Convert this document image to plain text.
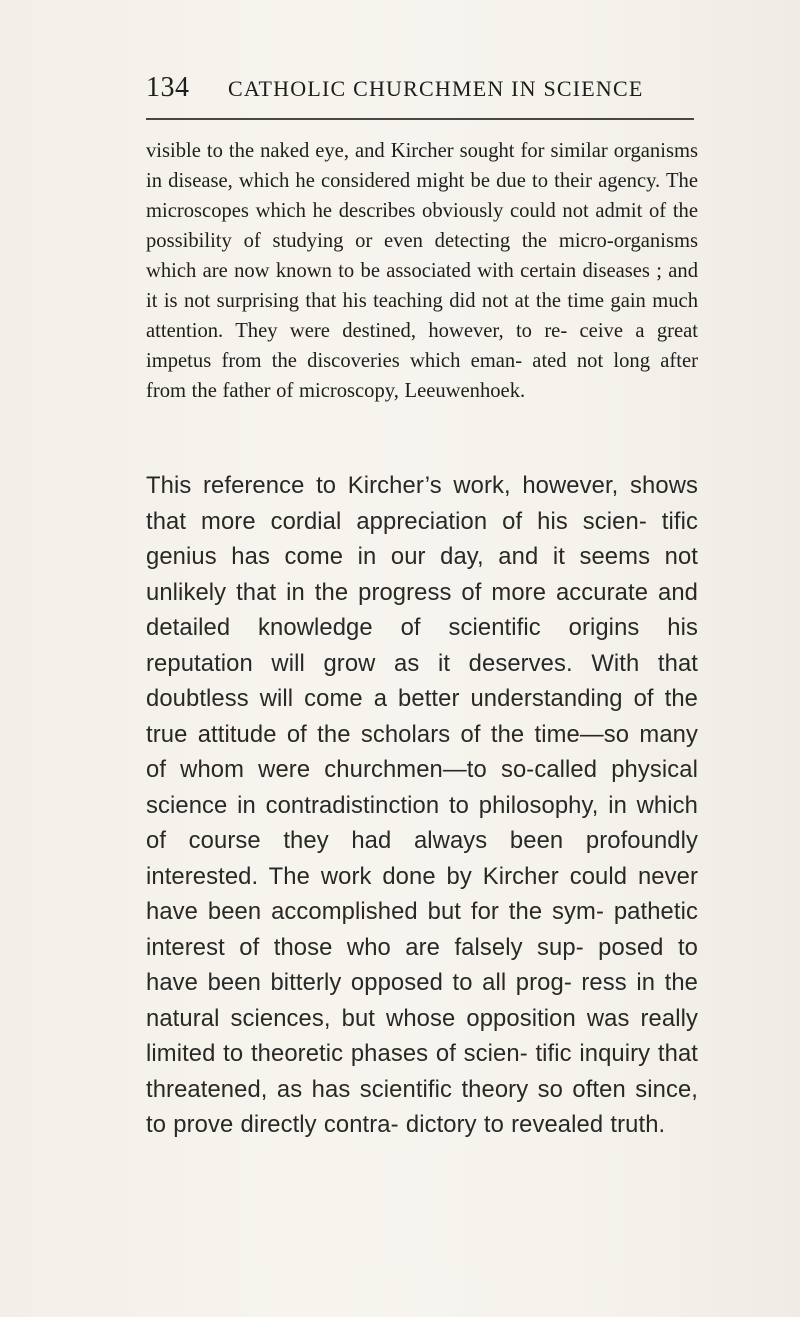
134 CATHOLIC CHURCHMEN IN SCIENCE

visible to the naked eye, and Kircher sought for similar organisms in disease, which he considered might be due to their agency. The microscopes which he describes obviously could not admit of the possibility of studying or even detecting the micro-organisms which are now known to be associated with certain diseases ; and it is not surprising that his teaching did not at the time gain much attention. They were destined, however, to re- ceive a great impetus from the discoveries which eman- ated not long after from the father of microscopy, Leeuwenhoek.

This reference to Kircher’s work, however, shows that more cordial appreciation of his scien- tific genius has come in our day, and it seems not unlikely that in the progress of more accurate and detailed knowledge of scientific origins his reputation will grow as it deserves. With that doubtless will come a better understanding of the true attitude of the scholars of the time—so many of whom were churchmen—to so-called physical science in contradistinction to philosophy, in which of course they had always been profoundly interested. The work done by Kircher could never have been accomplished but for the sym- pathetic interest of those who are falsely sup- posed to have been bitterly opposed to all prog- ress in the natural sciences, but whose opposition was really limited to theoretic phases of scien- tific inquiry that threatened, as has scientific theory so often since, to prove directly contra- dictory to revealed truth.
